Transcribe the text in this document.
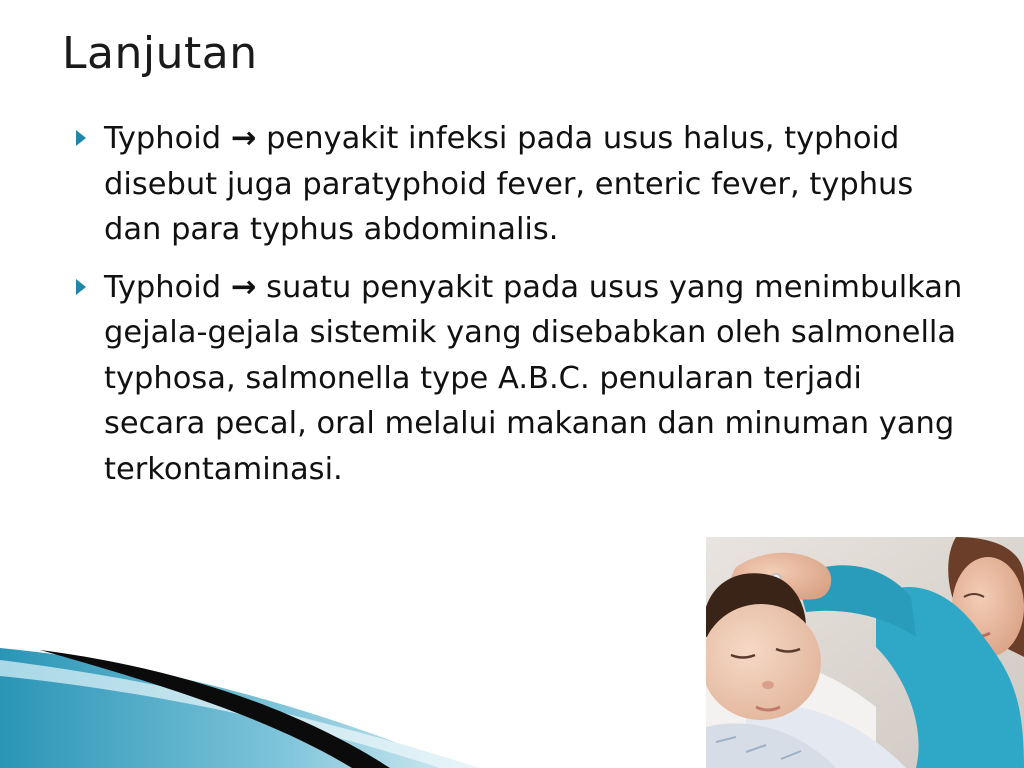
Lanjutan
Typhoid → penyakit infeksi pada usus halus, typhoid disebut juga paratyphoid fever, enteric fever, typhus dan para typhus abdominalis.
Typhoid → suatu penyakit pada usus yang menimbulkan gejala-gejala sistemik yang disebabkan oleh salmonella typhosa, salmonella type A.B.C. penularan terjadi secara pecal, oral melalui makanan dan minuman yang terkontaminasi.
